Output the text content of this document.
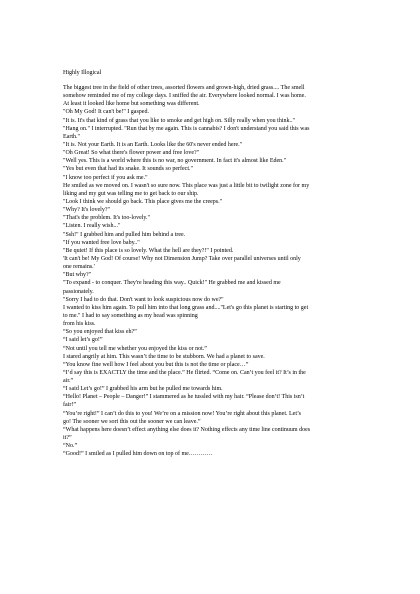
Highly Illogical
The biggest tree in the field of other trees, assorted flowers and grown-high, dried grass.... The smell
somehow reminded me of my college days. I sniffed the air. Everywhere looked normal. I was home.
At least it looked like home but something was different.
"Oh My God! It can't be!" I gasped.
"It is. It's that kind of grass that you like to smoke and get high on. Silly really when you think.."
"Hang on." I interrupted. "Run that by me again. This is cannabis? I don't understand you said this was
Earth."
"It is. Not your Earth. It is an Earth. Looks like the 60's never ended here."
"Oh Great! So what there's flower power and free love?"
"Well yes. This is a world where this is no war, no government. In fact it's almost like Eden."
"Yes but even that had its snake. It sounds so perfect."
"I know too perfect if you ask me."
He smiled as we moved on. I wasn't so sure now. This place was just a little bit to twilight zone for my
liking and my gut was telling me to get back to our ship.
"Look I think we should go back. This place gives me the creeps."
"Why? It's lovely?"
"That's the problem. It's too-lovely."
"Listen. I really wish..."
"Ssh!" I grabbed him and pulled him behind a tree.
"If you wanted free love baby.."
"Be quiet! If this place is so lovely. What the hell are they?!" I pointed.
'It can't be! My God! Of course! Why not Dimension Jump? Take over parallel universes until only
one remains.'
"But why?"
"To expand - to conquer. They're heading this way.. Quick!" He grabbed me and kissed me
passionately.
"Sorry I had to do that. Don't want to look suspicious now do we?"
I wanted to kiss him again. To pull him into that long grass and...."Let's go this planet is starting to get
to me." I had to say something as my head was spinning
from his kiss.
“So you enjoyed that kiss eh?”
“I said let’s go!”
“Not until you tell me whether you enjoyed the kiss or not.”
I stared angrily at him. This wasn’t the time to be stubborn. We had a planet to save.
“You know fine well how I feel about you but this is not the time or place…”
“I’d say this is EXACTLY the time and the place.” He flirted. “Come on. Can’t you feel it? It’s in the
air.”
“I said Let’s go!” I grabbed his arm but he pulled me towards him.
“Hello! Planet – People – Danger!” I stammered as he tussled with my hair. “Please don’t! This isn’t
fair!”
“You’re right!” I can’t do this to you! We’re on a mission now! You’re right about this planet. Let’s
go! The sooner we sort this out the sooner we can leave.”
“What happens here doesn’t effect anything else does it? Nothing effects any time line continuum does
it?”
“No.”
“Good!” I smiled as I pulled him down on top of me…………
